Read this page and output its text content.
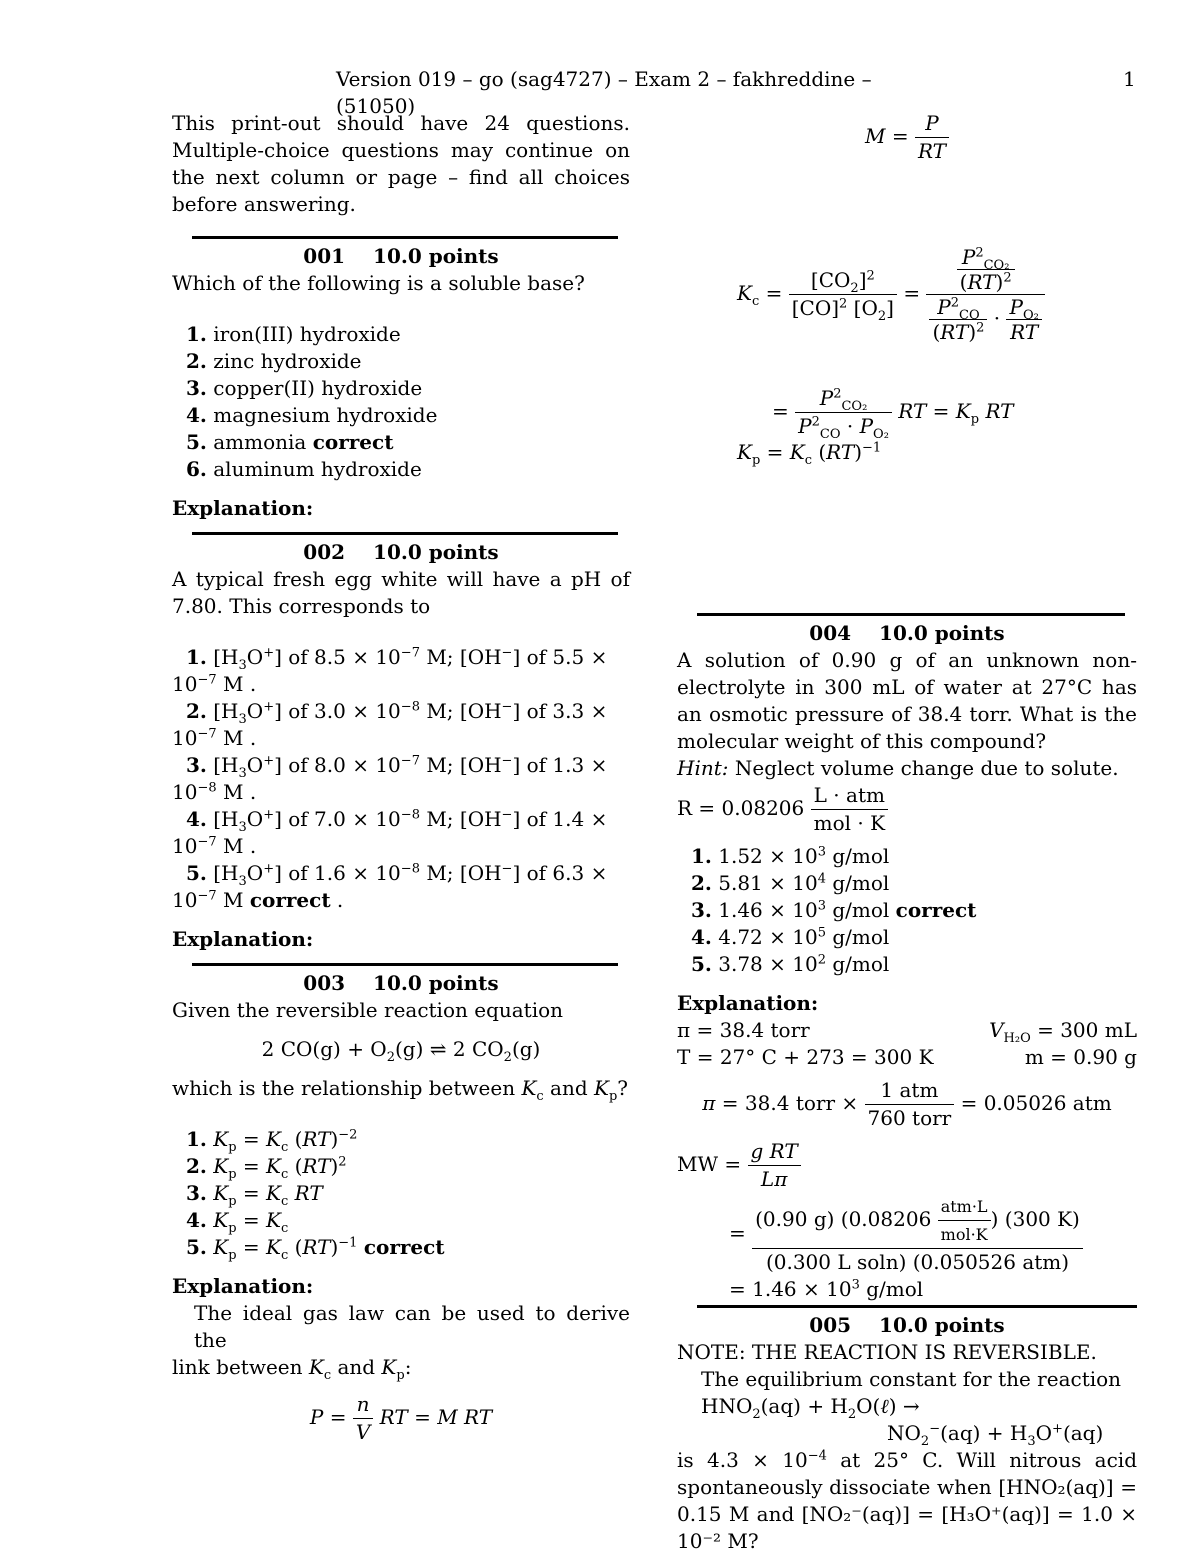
Version 019 – go (sag4727) – Exam 2 – fakhreddine – (51050)
1

This print-out should have 24 questions. Multiple-choice questions may continue on the next column or page – find all choices before answering.

001 10.0 points

Which of the following is a soluble base?

1. iron(III) hydroxide
2. zinc hydroxide
3. copper(II) hydroxide
4. magnesium hydroxide
5. ammonia correct
6. aluminum hydroxide
Explanation:
002 10.0 points

A typical fresh egg white will have a pH of 7.80. This corresponds to

1. $[H_3O^+]$ of $8.5 \times 10^{-7}$ M; [OH−] of $5.5 \times 10^{-7}$ M .
2. $[H_3O^+]$ of $3.0 \times 10^{-8}$ M; [OH−] of $3.3 \times 10^{-7}$ M .
3. $[H_3O^+]$ of $8.0 \times 10^{-7}$ M; [OH−] of $1.3 \times 10^{-8}$ M .
4. $[H_3O^+]$ of $7.0 \times 10^{-8}$ M; [OH−] of $1.4 \times 10^{-7}$ M .
5. $[H_3O^+]$ of $1.6 \times 10^{-8}$ M; [OH−] of $6.3 \times 10^{-7}$ M correct .
Explanation:
003 10.0 points

Given the reversible reaction equation

2 $CO(g) + O_2(g)$ ⇌ 2 $CO_2(g)$

which is the relationship between $K_c$ and $K_p$?

1. $K_p = K_c$ (RT)$^{-2}$
2. $K_p = K_c$ (RT)$^2$
3. $K_p = K_c$ RT
4. $K_p = K_c$
5. $K_p = K_c$ (RT)$^{-1}$ correct
Explanation:

The ideal gas law can be used to derive the

link between $K_c$ and $K_p$:

$P = \frac{n}{V}$ RT = M RT
$M = \frac{P}{RT}$
$K_c = \frac{[CO_2]^2}{[CO]^2 [O_2]} = \frac{\frac{P^2_{CO_2}}{(RT)^2}}{\frac{P^2_{CO}}{(RT)^2} \cdot \frac{P_{O_2}}{RT}}$
= $\frac{P^2_{CO_2}}{P^2_{CO} \cdot P_{O_2}}$ RT = $K_p$ RT
$K_p = K_c$ (RT)$^{-1}$
004 10.0 points

A solution of 0.90 g of an unknown non-electrolyte in 300 mL of water at 27°C has an osmotic pressure of 38.4 torr. What is the molecular weight of this compound?

Hint: Neglect volume change due to solute.

$R = 0.08206 \frac{\text{L · atm}}{\text{mol · K}}$

1. $1.52 \times 10^3$ g/mol
2. $5.81 \times 10^4$ g/mol
3. $1.46 \times 10^3$ g/mol correct
4. $4.72 \times 10^5$ g/mol
5. $3.78 \times 10^2$ g/mol
Explanation:
π = 38.4 torr	$V_{H_2O} = 300$ mL
T = 27° C + 273 = 300 K	m = 0.90 g
π = 38.4 torr × $\frac{\text{1 atm}}{\text{760 torr}} = 0.05026$ atm
MW = $\frac{\text{g RT}}{L\pi}$
= $\frac{(0.90 g) (0.08206 \frac{\text{atm·L}}{\text{mol·K}} ) (300 K)}{\text{(0.300 L soln) (0.050526 atm)}}$
= $1.46 \times 10^3$ g/mol
005 10.0 points

NOTE: THE REACTION IS REVERSIBLE.

The equilibrium constant for the reaction

$HNO_2(aq)$ + $H_2O(\ell)$ →

$NO_2^-(aq) + H_3O^+(aq)$

is $4.3 \times 10^{-4}$ at 25° C. Will nitrous acid spontaneously dissociate when [HNO₂(aq)] = 0.15 M and [NO₂⁻(aq)] = [H₃O⁺(aq)] = 1.0 × 10⁻² M?
